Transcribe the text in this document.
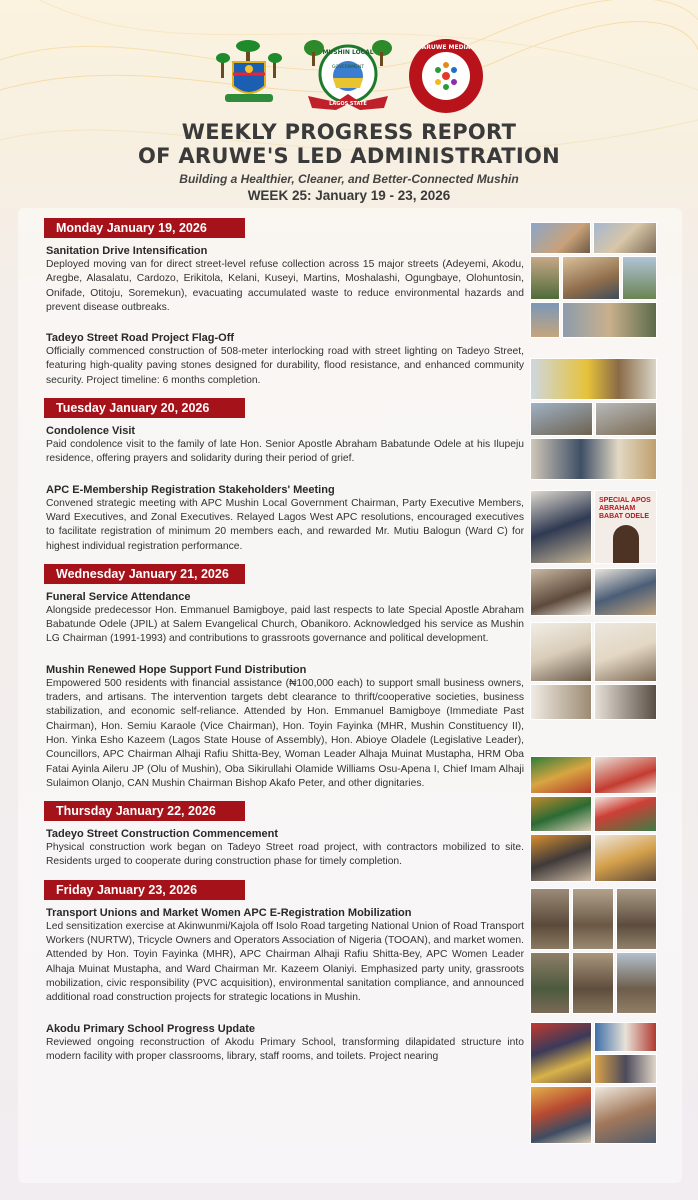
MUSHIN LOCAL
GOVERNMENT
LAGOS STATE
ARUWE MEDIA
WEEKLY PROGRESS REPORT
OF ARUWE'S LED ADMINISTRATION
Building a Healthier, Cleaner, and Better-Connected Mushin
WEEK 25: January 19 - 23, 2026
Monday January 19, 2026
Sanitation Drive Intensification
Deployed moving van for direct street-level refuse collection across 15 major streets (Adeyemi, Akodu, Aregbe, Alasalatu, Cardozo, Erikitola, Kelani, Kuseyi, Martins, Moshalashi, Ogungbaye, Olohuntosin, Onifade, Otitoju, Soremekun), evacuating accumulated waste to reduce environmental hazards and prevent disease outbreaks.
Tadeyo Street Road Project Flag-Off
Officially commenced construction of 508-meter interlocking road with street lighting on Tadeyo Street, featuring high-quality paving stones designed for durability, flood resistance, and enhanced community security. Project timeline: 6 months completion.
Tuesday January 20, 2026
Condolence Visit
Paid condolence visit to the family of late Hon. Senior Apostle Abraham Babatunde Odele at his Ilupeju residence, offering prayers and solidarity during their period of grief.
APC E-Membership Registration Stakeholders' Meeting
Convened strategic meeting with APC Mushin Local Government Chairman, Party Executive Members, Ward Executives, and Zonal Executives. Relayed Lagos West APC resolutions, encouraged executives to facilitate registration of minimum 20 members each, and rewarded Mr. Mutiu Balogun (Ward C) for highest individual registration performance.
Wednesday January 21, 2026
Funeral Service Attendance
Alongside predecessor Hon. Emmanuel Bamigboye, paid last respects to late Special Apostle Abraham Babatunde Odele (JPIL) at Salem Evangelical Church, Obanikoro. Acknowledged his service as Mushin LG Chairman (1991-1993) and contributions to grassroots governance and political development.
Mushin Renewed Hope Support Fund Distribution
Empowered 500 residents with financial assistance (₦100,000 each) to support small business owners, traders, and artisans. The intervention targets debt clearance to thrift/cooperative societies, business stabilization, and economic self-reliance. Attended by Hon. Emmanuel Bamigboye (Immediate Past Chairman), Hon. Semiu Karaole (Vice Chairman), Hon. Toyin Fayinka (MHR, Mushin Constituency II), Hon. Yinka Esho Kazeem (Lagos State House of Assembly), Hon. Abioye Oladele (Legislative Leader), Councillors, APC Chairman Alhaji Rafiu Shitta-Bey, Woman Leader Alhaja Muinat Mustapha, HRM Oba Fatai Ayinla Aileru JP (Olu of Mushin), Oba Sikirullahi Olamide Williams Osu-Apena I, Chief Imam Alhaji Sulaimon Olanjo, CAN Mushin Chairman Bishop Akafo Peter, and other dignitaries.
Thursday January 22, 2026
Tadeyo Street Construction Commencement
Physical construction work began on Tadeyo Street road project, with contractors mobilized to site. Residents urged to cooperate during construction phase for timely completion.
Friday January 23, 2026
Transport Unions and Market Women APC E-Registration Mobilization
Led sensitization exercise at Akinwunmi/Kajola off Isolo Road targeting National Union of Road Transport Workers (NURTW), Tricycle Owners and Operators Association of Nigeria (TOOAN), and market women. Attended by Hon. Toyin Fayinka (MHR), APC Chairman Alhaji Rafiu Shitta-Bey, APC Women Leader Alhaja Muinat Mustapha, and Ward Chairman Mr. Kazeem Olaniyi. Emphasized party unity, grassroots mobilization, civic responsibility (PVC acquisition), environmental sanitation compliance, and announced additional road construction projects for strategic locations in Mushin.
Akodu Primary School Progress Update
Reviewed ongoing reconstruction of Akodu Primary School, transforming dilapidated structure into modern facility with proper classrooms, library, staff rooms, and toilets. Project nearing
SPECIAL APOS ABRAHAM BABAT ODELE
